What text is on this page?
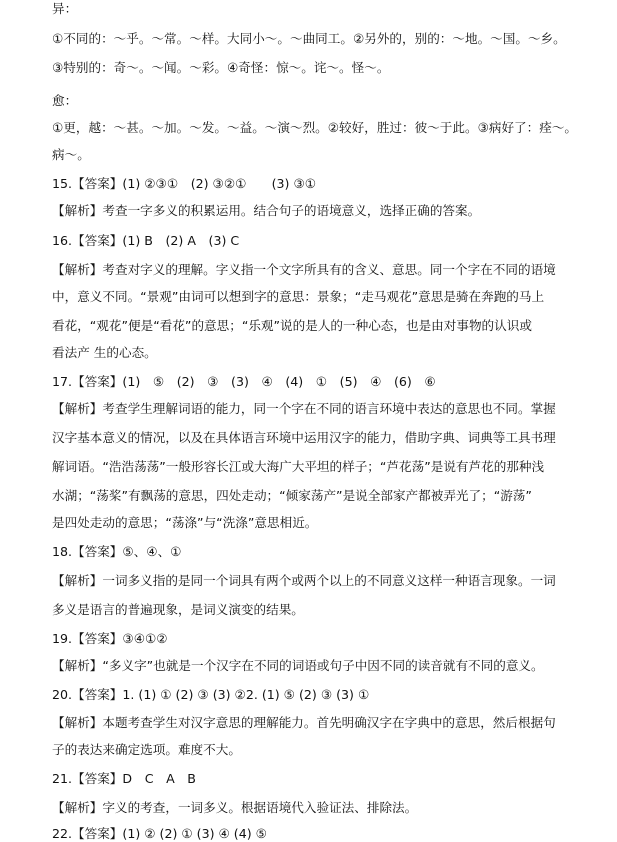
异：
①不同的：～乎。～常。～样。大同小～。～曲同工。②另外的，别的：～地。～国。～乡。
③特别的：奇～。～闻。～彩。④奇怪：惊～。诧～。怪～。
愈：
①更，越：～甚。～加。～发。～益。～演～烈。②较好，胜过：彼～于此。③病好了：痊～。
病～。
15.【答案】(1) ②③①　(2) ③②①　　(3) ③①
【解析】考查一字多义的积累运用。结合句子的语境意义，选择正确的答案。
16.【答案】(1) B　(2) A　(3) C
【解析】考查对字义的理解。字义指一个文字所具有的含义、意思。同一个字在不同的语境
中，意义不同。“景观”由词可以想到字的意思：景象；“走马观花”意思是骑在奔跑的马上
看花，“观花”便是“看花”的意思；“乐观”说的是人的一种心态，也是由对事物的认识或
看法产 生的心态。
17.【答案】(1)　⑤　(2)　③　(3)　④　(4)　①　(5)　④　(6)　⑥
【解析】考查学生理解词语的能力，同一个字在不同的语言环境中表达的意思也不同。掌握
汉字基本意义的情况，以及在具体语言环境中运用汉字的能力，借助字典、词典等工具书理
解词语。“浩浩荡荡”一般形容长江或大海广大平坦的样子；“芦花荡”是说有芦花的那种浅
水湖；“荡桨”有飘荡的意思，四处走动；“倾家荡产”是说全部家产都被弄光了；“游荡”
是四处走动的意思；“荡涤”与“洗涤”意思相近。
18.【答案】⑤、④、①
【解析】一词多义指的是同一个词具有两个或两个以上的不同意义这样一种语言现象。一词
多义是语言的普遍现象，是词义演变的结果。
19.【答案】③④①②
【解析】“多义字”也就是一个汉字在不同的词语或句子中因不同的读音就有不同的意义。
20.【答案】1. (1) ① (2) ③ (3) ②2. (1) ⑤ (2) ③ (3) ①
【解析】本题考查学生对汉字意思的理解能力。首先明确汉字在字典中的意思，然后根据句
子的表达来确定选项。难度不大。
21.【答案】D　C　A　B
【解析】字义的考查，一词多义。根据语境代入验证法、排除法。
22.【答案】(1) ② (2) ① (3) ④ (4) ⑤
